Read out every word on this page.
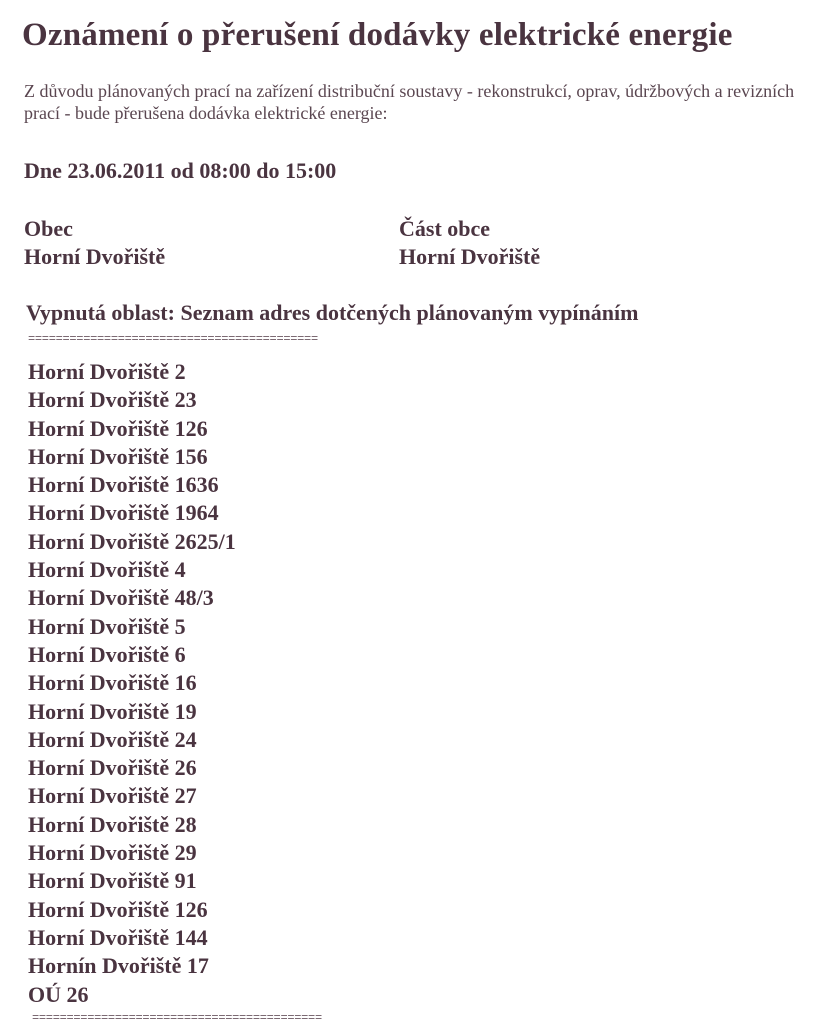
Oznámení o přerušení dodávky elektrické energie
Z důvodu plánovaných prací na zařízení distribuční soustavy - rekonstrukcí, oprav, údržbových a revizních prací - bude přerušena dodávka elektrické energie:
Dne 23.06.2011 od 08:00 do 15:00
Obec
Horní Dvořiště
Část obce
Horní Dvořiště
Vypnutá oblast: Seznam adres dotčených plánovaným vypínáním
==========================================
Horní Dvořiště 2
Horní Dvořiště 23
Horní Dvořiště 126
Horní Dvořiště 156
Horní Dvořiště 1636
Horní Dvořiště 1964
Horní Dvořiště 2625/1
Horní Dvořiště 4
Horní Dvořiště 48/3
Horní Dvořiště 5
Horní Dvořiště 6
Horní Dvořiště 16
Horní Dvořiště 19
Horní Dvořiště 24
Horní Dvořiště 26
Horní Dvořiště 27
Horní Dvořiště 28
Horní Dvořiště 29
Horní Dvořiště 91
Horní Dvořiště 126
Horní Dvořiště 144
Hornín Dvořiště 17
OÚ 26
==========================================
